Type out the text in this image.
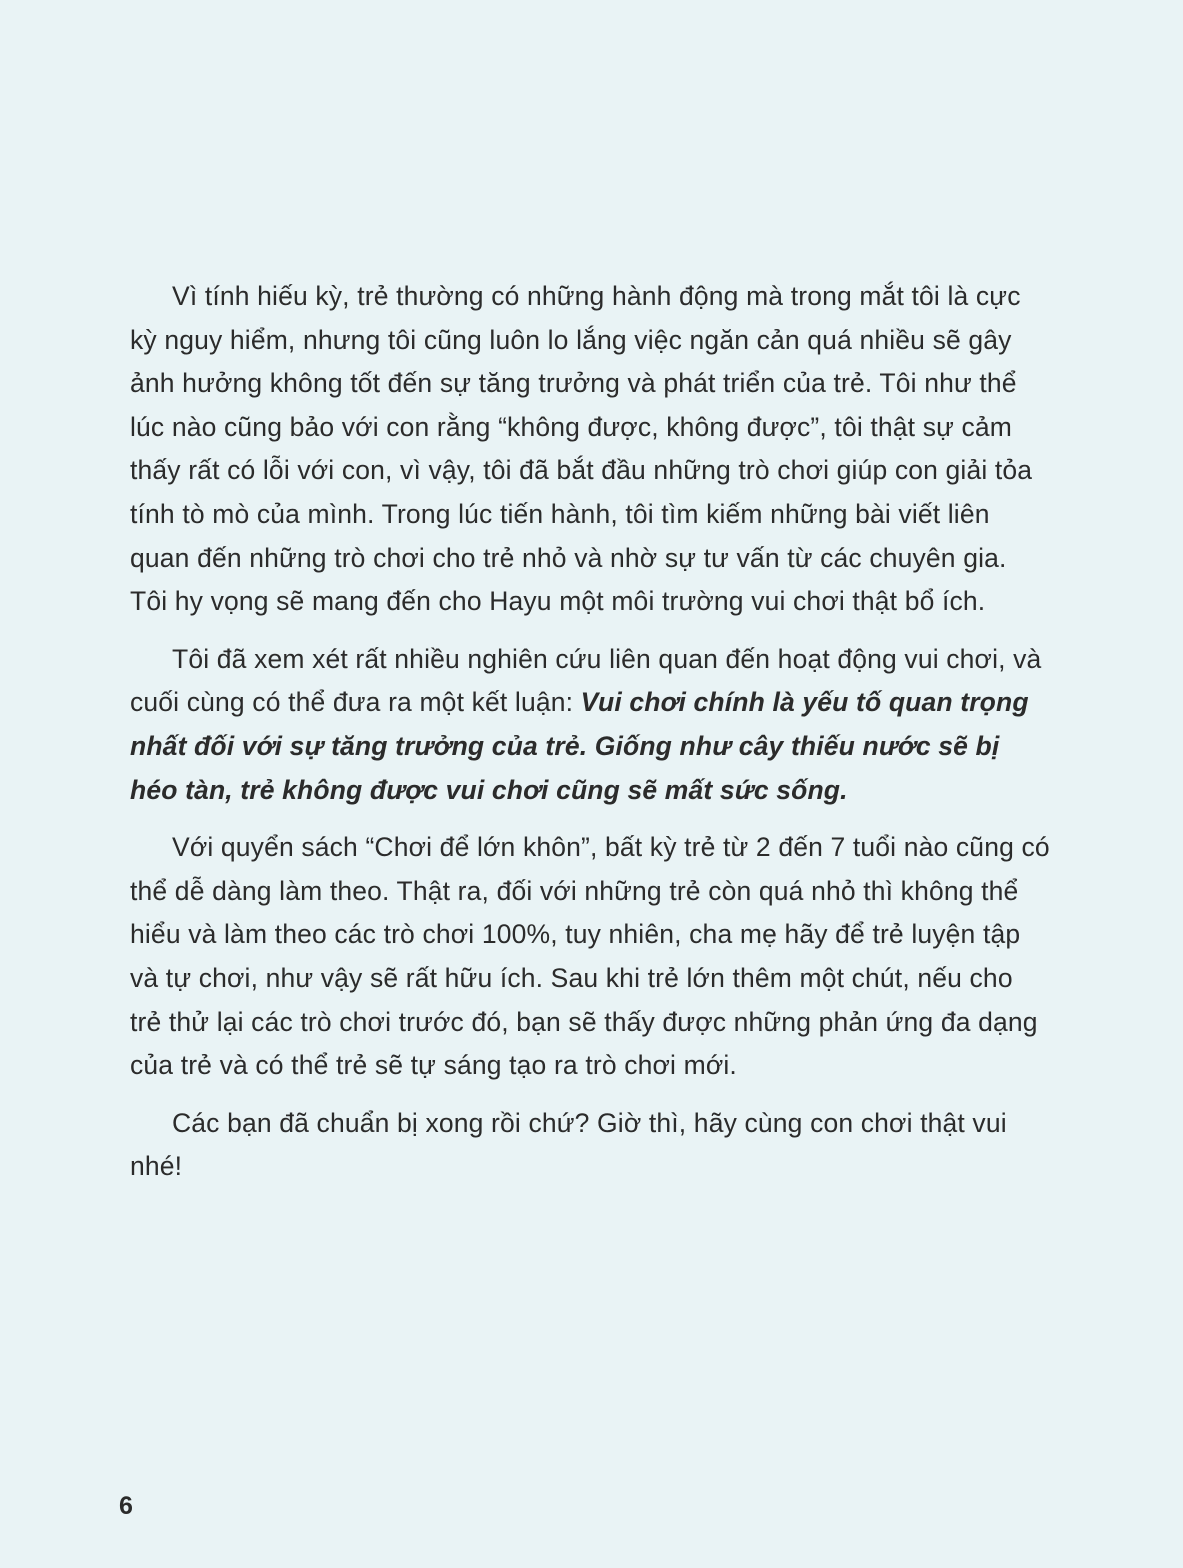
Vì tính hiếu kỳ, trẻ thường có những hành động mà trong mắt tôi là cực kỳ nguy hiểm, nhưng tôi cũng luôn lo lắng việc ngăn cản quá nhiều sẽ gây ảnh hưởng không tốt đến sự tăng trưởng và phát triển của trẻ. Tôi như thể lúc nào cũng bảo với con rằng “không được, không được”, tôi thật sự cảm thấy rất có lỗi với con, vì vậy, tôi đã bắt đầu những trò chơi giúp con giải tỏa tính tò mò của mình. Trong lúc tiến hành, tôi tìm kiếm những bài viết liên quan đến những trò chơi cho trẻ nhỏ và nhờ sự tư vấn từ các chuyên gia. Tôi hy vọng sẽ mang đến cho Hayu một môi trường vui chơi thật bổ ích.

Tôi đã xem xét rất nhiều nghiên cứu liên quan đến hoạt động vui chơi, và cuối cùng có thể đưa ra một kết luận: Vui chơi chính là yếu tố quan trọng nhất đối với sự tăng trưởng của trẻ. Giống như cây thiếu nước sẽ bị héo tàn, trẻ không được vui chơi cũng sẽ mất sức sống.

Với quyển sách “Chơi để lớn khôn”, bất kỳ trẻ từ 2 đến 7 tuổi nào cũng có thể dễ dàng làm theo. Thật ra, đối với những trẻ còn quá nhỏ thì không thể hiểu và làm theo các trò chơi 100%, tuy nhiên, cha mẹ hãy để trẻ luyện tập và tự chơi, như vậy sẽ rất hữu ích. Sau khi trẻ lớn thêm một chút, nếu cho trẻ thử lại các trò chơi trước đó, bạn sẽ thấy được những phản ứng đa dạng của trẻ và có thể trẻ sẽ tự sáng tạo ra trò chơi mới.

Các bạn đã chuẩn bị xong rồi chứ? Giờ thì, hãy cùng con chơi thật vui nhé!

6
